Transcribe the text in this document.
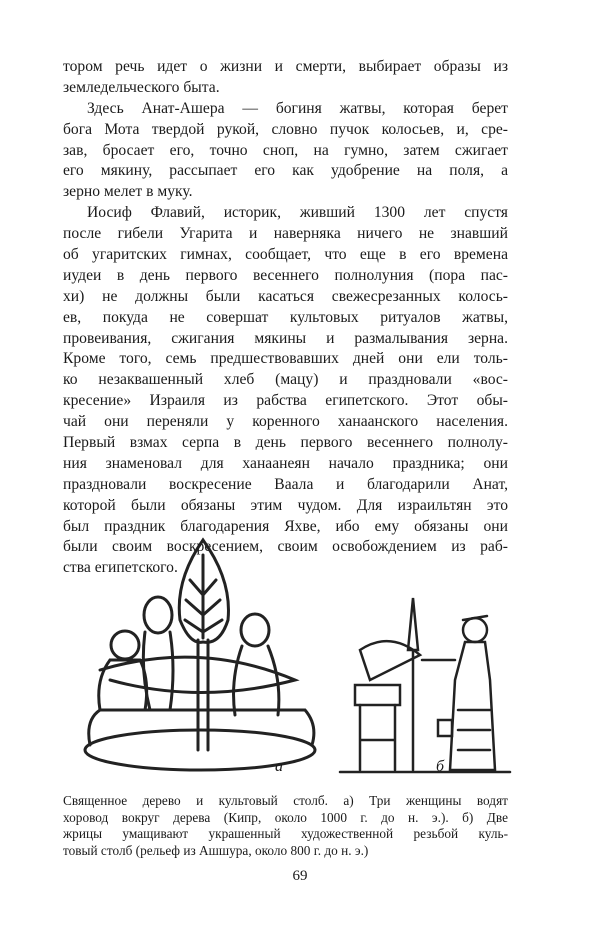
тором речь идет о жизни и смерти, выбирает образы из
земледельческого быта.
Здесь Анат-Ашера — богиня жатвы, которая берет
бога Мота твердой рукой, словно пучок колосьев, и, сре-
зав, бросает его, точно сноп, на гумно, затем сжигает
его мякину, рассыпает его как удобрение на поля, а
зерно мелет в муку.
Иосиф Флавий, историк, живший 1300 лет спустя
после гибели Угарита и наверняка ничего не знавший
об угаритских гимнах, сообщает, что еще в его времена
иудеи в день первого весеннего полнолуния (пора пас-
хи) не должны были касаться свежесрезанных колось-
ев, покуда не совершат культовых ритуалов жатвы,
провеивания, сжигания мякины и размалывания зерна.
Кроме того, семь предшествовавших дней они ели толь-
ко незаквашенный хлеб (мацу) и праздновали «вос-
кресение» Израиля из рабства египетского. Этот обы-
чай они переняли у коренного ханаанского населения.
Первый взмах серпа в день первого весеннего полнолу-
ния знаменовал для ханаанеян начало праздника; они
праздновали воскресение Ваала и благодарили Анат,
которой были обязаны этим чудом. Для израильтян это
был праздник благодарения Яхве, ибо ему обязаны они
были своим воскресением, своим освобождением из раб-
ства египетского.
а	б
Священное дерево и культовый столб. а) Три женщины водят
хоровод вокруг дерева (Кипр, около 1000 г. до н. э.). б) Две
жрицы умащивают украшенный художественной резьбой куль-
товый столб (рельеф из Ашшура, около 800 г. до н. э.)
69
